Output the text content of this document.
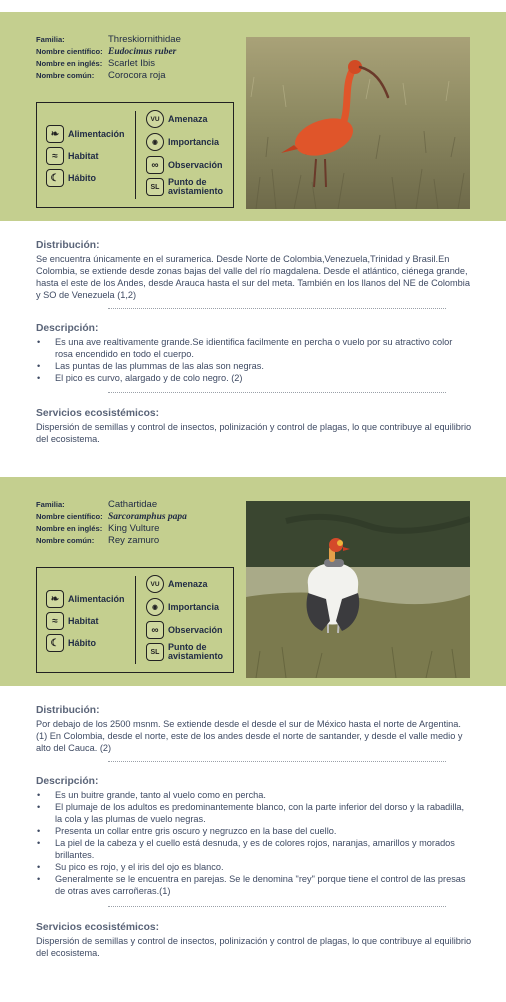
Familia:	Threskiornithidae
Nombre científico: Eudocimus ruber
Nombre en inglés: Scarlet Ibis
Nombre común:	Corocora roja
❧ Alimentación
≈	Habitat
☾ Hábito
VU Amenaza
◉	Importancia
∞	Observación
SL Punto de avistamiento
Distribución:

Se encuentra únicamente en el suramerica. Desde Norte de Colombia,Venezuela,Trinidad y Brasil.En Colombia, se extiende desde zonas bajas del valle del río magdalena. Desde el atlántico, ciénega grande, hasta el este de los Andes, desde Arauca hasta el sur del meta. También en los llanos del NE de Colombia y SO de Venezuela (1,2)

Descripción:
• Es una ave realtivamente grande.Se idientifica facilmente en percha o vuelo por su atractivo color rosa encendido en todo el cuerpo.
• Las puntas de las plummas de las alas son negras.
• El pico es curvo, alargado y de colo negro. (2)
Servicios ecosistémicos:

Dispersión de semillas y control de insectos, polinización y control de plagas, lo que contribuye al equilibrio del ecosistema.

Familia:	Cathartidae
Nombre científico: Sarcoramphus papa
Nombre en inglés: King Vulture
Nombre común:	Rey zamuro
❧ Alimentación
≈	Habitat
☾ Hábito
VU Amenaza
◉	Importancia
∞	Observación
SL Punto de avistamiento
Distribución:

Por debajo de los 2500 msnm. Se extiende desde el desde el sur de México hasta el norte de Argentina. (1) En Colombia, desde el norte, este de los andes desde el norte de santander, y desde el valle medio y alto del Cauca. (2)

Descripción:
• Es un buitre grande, tanto al vuelo como en percha.
• El plumaje de los adultos es predominantemente blanco, con la parte inferior del dorso y la rabadilla, la cola y las plumas de vuelo negras.
• Presenta un collar entre gris oscuro y negruzco en la base del cuello.
• La piel de la cabeza y el cuello está desnuda, y es de colores rojos, naranjas, amarillos y morados brillantes.
• Su pico es rojo, y el iris del ojo es blanco.
• Generalmente se le encuentra en parejas. Se le denomina "rey" porque tiene el control de las presas de otras aves carroñeras.(1)
Servicios ecosistémicos:

Dispersión de semillas y control de insectos, polinización y control de plagas, lo que contribuye al equilibrio del ecosistema.
